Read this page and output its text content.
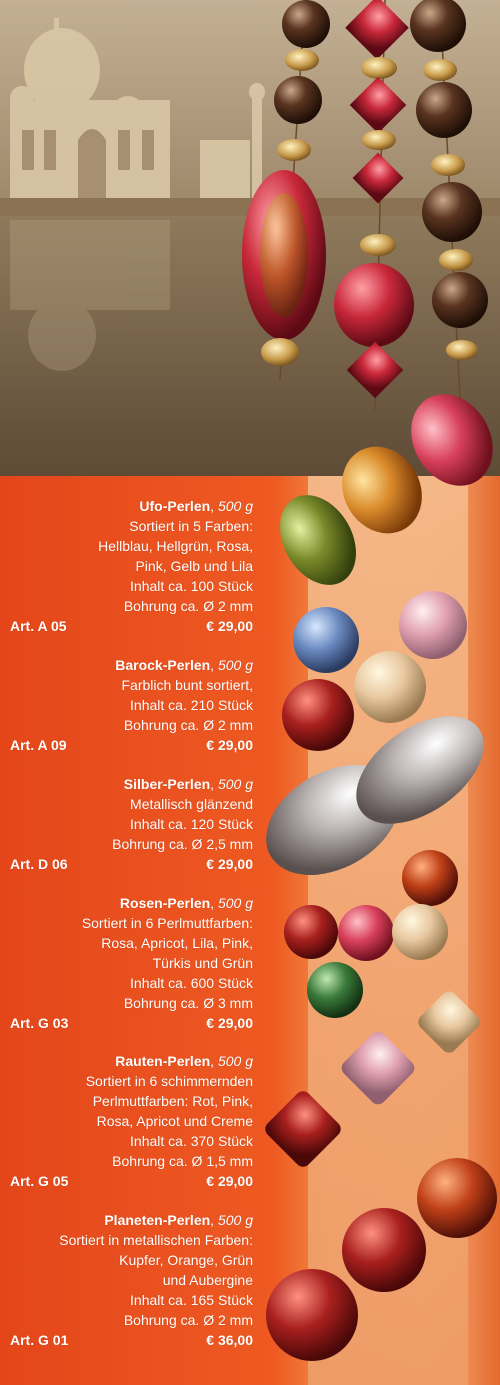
Ufo-Perlen, 500 g
Sortiert in 5 Farben:
Hellblau, Hellgrün, Rosa,
Pink, Gelb und Lila
Inhalt ca. 100 Stück
Bohrung ca. Ø 2 mm
Art. A 05	€ 29,00
Barock-Perlen, 500 g
Farblich bunt sortiert,
Inhalt ca. 210 Stück
Bohrung ca. Ø 2 mm
Art. A 09	€ 29,00
Silber-Perlen, 500 g
Metallisch glänzend
Inhalt ca. 120 Stück
Bohrung ca. Ø 2,5 mm
Art. D 06	€ 29,00
Rosen-Perlen, 500 g
Sortiert in 6 Perlmuttfarben:
Rosa, Apricot, Lila, Pink,
Türkis und Grün
Inhalt ca. 600 Stück
Bohrung ca. Ø 3 mm
Art. G 03	€ 29,00
Rauten-Perlen, 500 g
Sortiert in 6 schimmernden
Perlmuttfarben: Rot, Pink,
Rosa, Apricot und Creme
Inhalt ca. 370 Stück
Bohrung ca. Ø 1,5 mm
Art. G 05	€ 29,00
Planeten-Perlen, 500 g
Sortiert in metallischen Farben:
Kupfer, Orange, Grün
und Aubergine
Inhalt ca. 165 Stück
Bohrung ca. Ø 2 mm
Art. G 01	€ 36,00
